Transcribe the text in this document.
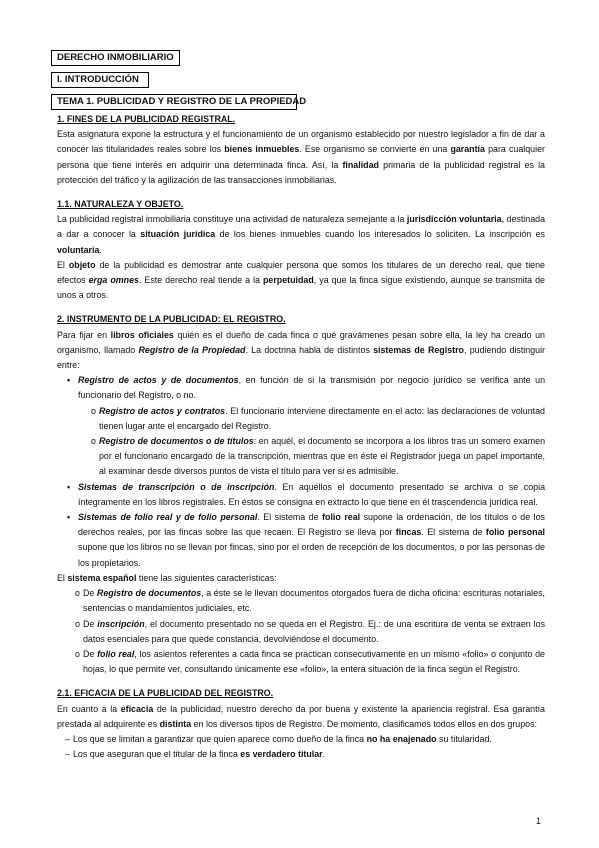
DERECHO INMOBILIARIO
I. INTRODUCCIÓN
TEMA 1. PUBLICIDAD Y REGISTRO DE LA PROPIEDAD

1. FINES DE LA PUBLICIDAD REGISTRAL.

Esta asignatura expone la estructura y el funcionamiento de un organismo establecido por nuestro legislador a fin de dar a conocer las titularidades reales sobre los bienes inmuebles. Ese organismo se convierte en una garantía para cualquier persona que tiene interés en adquirir una determinada finca. Así, la finalidad primaria de la publicidad registral es la protección del tráfico y la agilización de las transacciones inmobiliarias.

1.1. NATURALEZA Y OBJETO.

La publicidad registral inmobiliaria constituye una actividad de naturaleza semejante a la jurisdicción voluntaria, destinada a dar a conocer la situación jurídica de los bienes inmuebles cuando los interesados lo soliciten. La inscripción es voluntaria.

El objeto de la publicidad es demostrar ante cualquier persona que somos los titulares de un derecho real, que tiene efectos erga omnes. Este derecho real tiende a la perpetuidad, ya que la finca sigue existiendo, aunque se transmita de unos a otros.

2. INSTRUMENTO DE LA PUBLICIDAD: EL REGISTRO.

Para fijar en libros oficiales quién es el dueño de cada finca o qué gravámenes pesan sobre ella, la ley ha creado un organismo, llamado Registro de la Propiedad. La doctrina habla de distintos sistemas de Registro, pudiendo distinguir entre:

• Registro de actos y de documentos, en función de si la transmisión por negocio jurídico se verifica ante un funcionario del Registro, o no.
o Registro de actos y contratos. El funcionario interviene directamente en el acto: las declaraciones de voluntad tienen lugar ante el encargado del Registro.
o Registro de documentos o de títulos: en aquél, el documento se incorpora a los libros tras un somero examen por el funcionario encargado de la transcripción, mientras que en éste el Registrador juega un papel importante, al examinar desde diversos puntos de vista el título para ver si es admisible.
• Sistemas de transcripción o de inscripción. En aquéllos el documento presentado se archiva o se copia íntegramente en los libros registrales. En éstos se consigna en extracto lo que tiene en él trascendencia jurídica real.
• Sistemas de folio real y de folio personal. El sistema de folio real supone la ordenación, de los títulos o de los derechos reales, por las fincas sobre las que recaen. El Registro se lleva por fincas. El sistema de folio personal supone que los libros no se llevan por fincas, sino por el orden de recepción de los documentos, o por las personas de los propietarios.

El sistema español tiene las siguientes características:

o De Registro de documentos, a éste se le llevan documentos otorgados fuera de dicha oficina: escrituras notariales, sentencias o mandamientos judiciales, etc.
o De inscripción, el documento presentado no se queda en el Registro. Ej.: de una escritura de venta se extraen los datos esenciales para que quede constancia, devolviéndose el documento.
o De folio real, los asientos referentes a cada finca se practican consecutivamente en un mismo «folio» o conjunto de hojas, lo que permite ver, consultando únicamente ese «folio», la entera situación de la finca según el Registro.

2.1. EFICACIA DE LA PUBLICIDAD DEL REGISTRO.

En cuanto a la eficacia de la publicidad, nuestro derecho da por buena y existente la apariencia registral. Esa garantía prestada al adquirente es distinta en los diversos tipos de Registro. De momento, clasificamos todos ellos en dos grupos:

– Los que se limitan a garantizar que quien aparece como dueño de la finca no ha enajenado su titularidad.
– Los que aseguran que el titular de la finca es verdadero titular.
1
